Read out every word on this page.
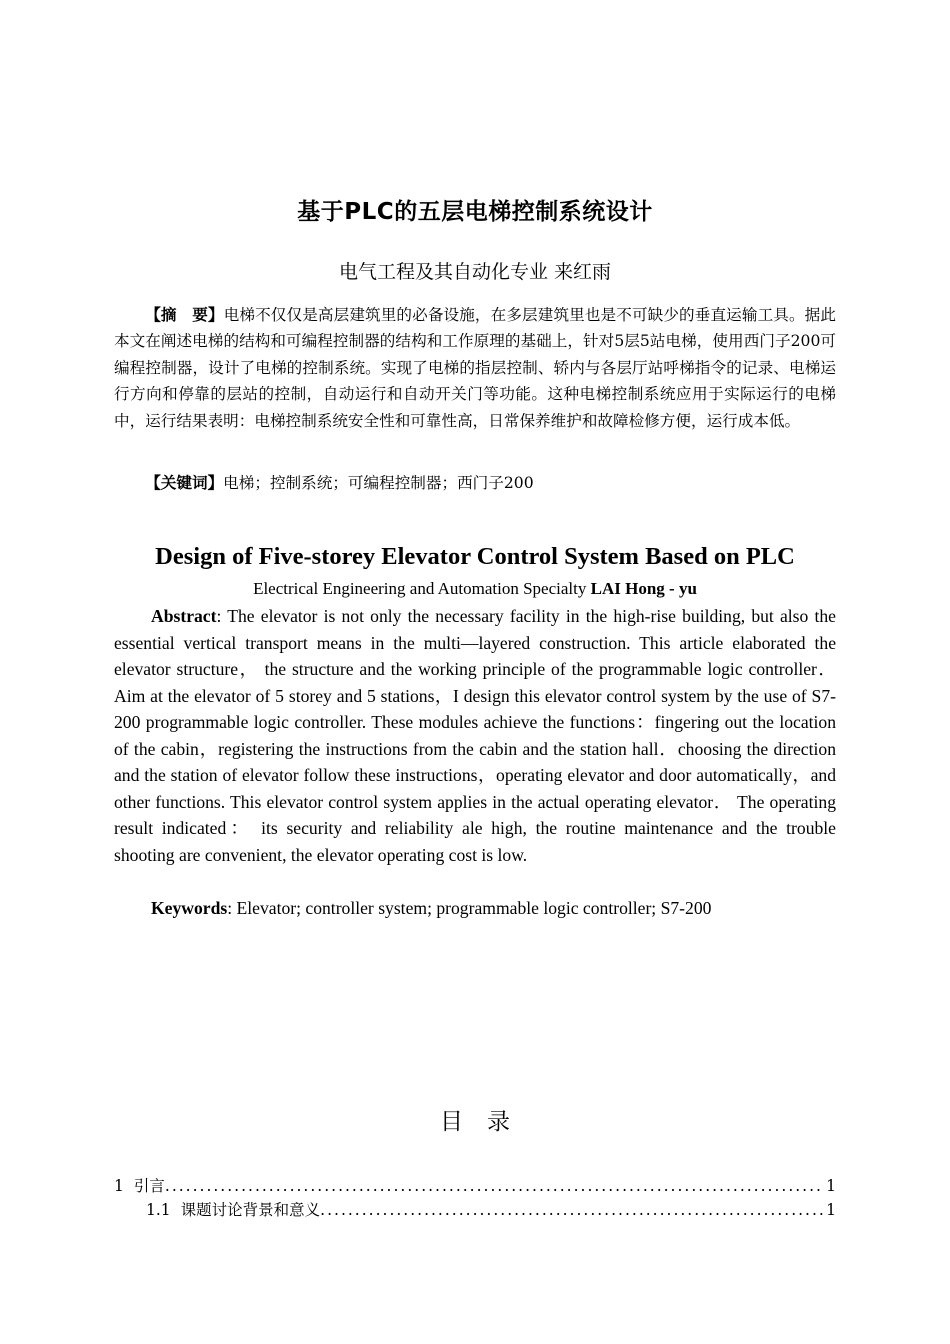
基于PLC的五层电梯控制系统设计
电气工程及其自动化专业 来红雨

【摘　要】电梯不仅仅是高层建筑里的必备设施，在多层建筑里也是不可缺少的垂直运输工具。据此本文在阐述电梯的结构和可编程控制器的结构和工作原理的基础上，针对5层5站电梯，使用西门子200可编程控制器，设计了电梯的控制系统。实现了电梯的指层控制、轿内与各层厅站呼梯指令的记录、电梯运行方向和停靠的层站的控制，自动运行和自动开关门等功能。这种电梯控制系统应用于实际运行的电梯中，运行结果表明：电梯控制系统安全性和可靠性高，日常保养维护和故障检修方便，运行成本低。

【关键词】电梯；控制系统；可编程控制器；西门子200

Design of Five-storey Elevator Control System Based on PLC
Electrical Engineering and Automation Specialty LAI Hong - yu

Abstract: The elevator is not only the necessary facility in the high-rise building, but also the essential vertical transport means in the multi—layered construction. This article elaborated the elevator structure， the structure and the working principle of the programmable logic controller．Aim at the elevator of 5 storey and 5 stations，I design this elevator control system by the use of S7-200 programmable logic controller. These modules achieve the functions：fingering out the location of the cabin，registering the instructions from the cabin and the station hall．choosing the direction and the station of elevator follow these instructions，operating elevator and door automatically，and other functions. This elevator control system applies in the actual operating elevator． The operating result indicated： its security and reliability ale high, the routine maintenance and the trouble shooting are convenient, the elevator operating cost is low.

Keywords: Elevator; controller system; programmable logic controller; S7-200

目录
1 引言 .....	1
1.1 课题讨论背景和意义 .....	1
